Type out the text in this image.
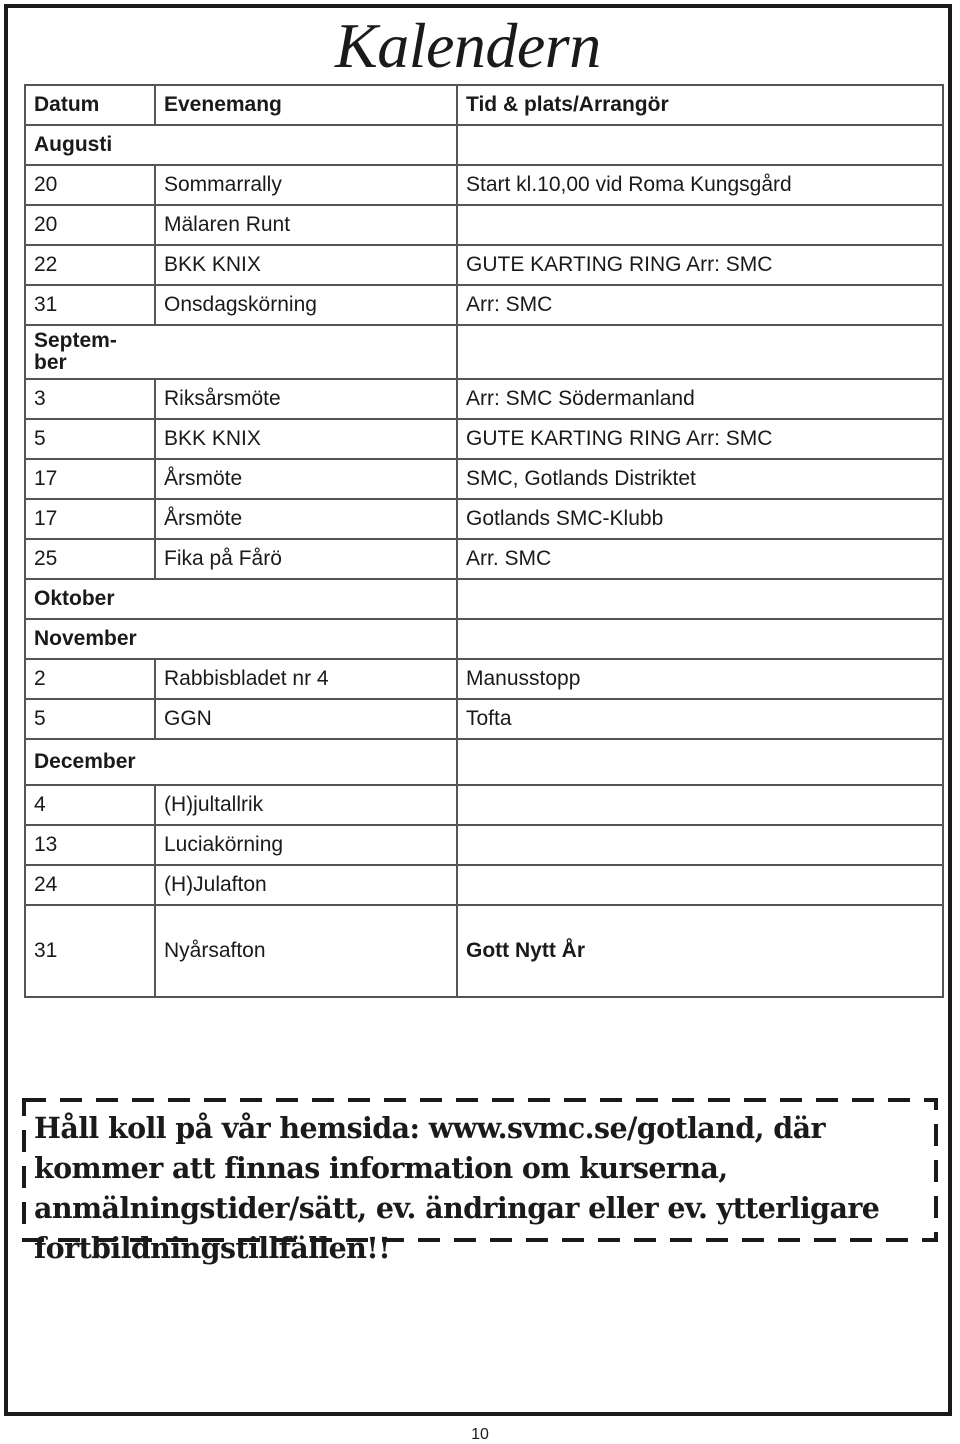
Kalendern
Datum	Evenemang	Tid & plats/Arrangör
Augusti		
20	Sommarrally	Start kl.10,00 vid Roma Kungsgård
20	Mälaren Runt	
22	BKK KNIX	GUTE KARTING RING Arr: SMC
31	Onsdagskörning	Arr: SMC
Septem-
ber		
3	Riksårsmöte	Arr: SMC Södermanland
5	BKK KNIX	GUTE KARTING RING Arr: SMC
17	Årsmöte	SMC, Gotlands Distriktet
17	Årsmöte	Gotlands SMC-Klubb
25	Fika på Fårö	Arr. SMC
Oktober		
November		
2	Rabbisbladet nr 4	Manusstopp
5	GGN	Tofta
December		
4	(H)jultallrik	
13	Luciakörning	
24	(H)Julafton	
31	Nyårsafton	Gott Nytt År

Håll koll på vår hemsida: www.svmc.se/gotland, där kommer att finnas information om kurserna, anmälningstider/sätt, ev. ändringar eller ev. ytterligare fortbildningstillfällen!!

10
